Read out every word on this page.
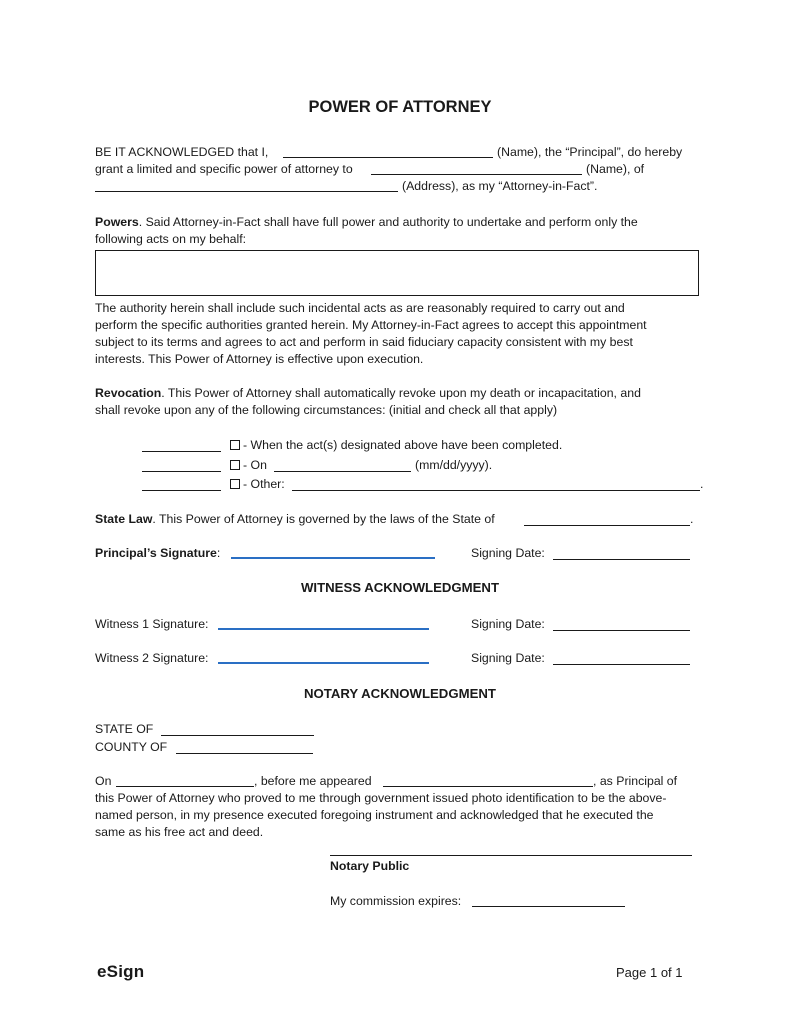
POWER OF ATTORNEY
BE IT ACKNOWLEDGED that I,	(Name), the “Principal”, do hereby
grant a limited and specific power of attorney to	(Name), of
(Address), as my “Attorney-in-Fact”.
Powers. Said Attorney-in-Fact shall have full power and authority to undertake and perform only the
following acts on my behalf:
The authority herein shall include such incidental acts as are reasonably required to carry out and
perform the specific authorities granted herein. My Attorney-in-Fact agrees to accept this appointment
subject to its terms and agrees to act and perform in said fiduciary capacity consistent with my best
interests. This Power of Attorney is effective upon execution.
Revocation. This Power of Attorney shall automatically revoke upon my death or incapacitation, and
shall revoke upon any of the following circumstances: (initial and check all that apply)
- When the act(s) designated above have been completed.
- On	(mm/dd/yyyy).
- Other:	.
State Law. This Power of Attorney is governed by the laws of the State of	.
Principal’s Signature:	Signing Date:
WITNESS ACKNOWLEDGMENT
Witness 1 Signature:	Signing Date:
Witness 2 Signature:	Signing Date:
NOTARY ACKNOWLEDGMENT
STATE OF
COUNTY OF
On	, before me appeared	, as Principal of
this Power of Attorney who proved to me through government issued photo identification to be the above-
named person, in my presence executed foregoing instrument and acknowledged that he executed the
same as his free act and deed.
Notary Public
My commission expires:
eSign	Page 1 of 1
